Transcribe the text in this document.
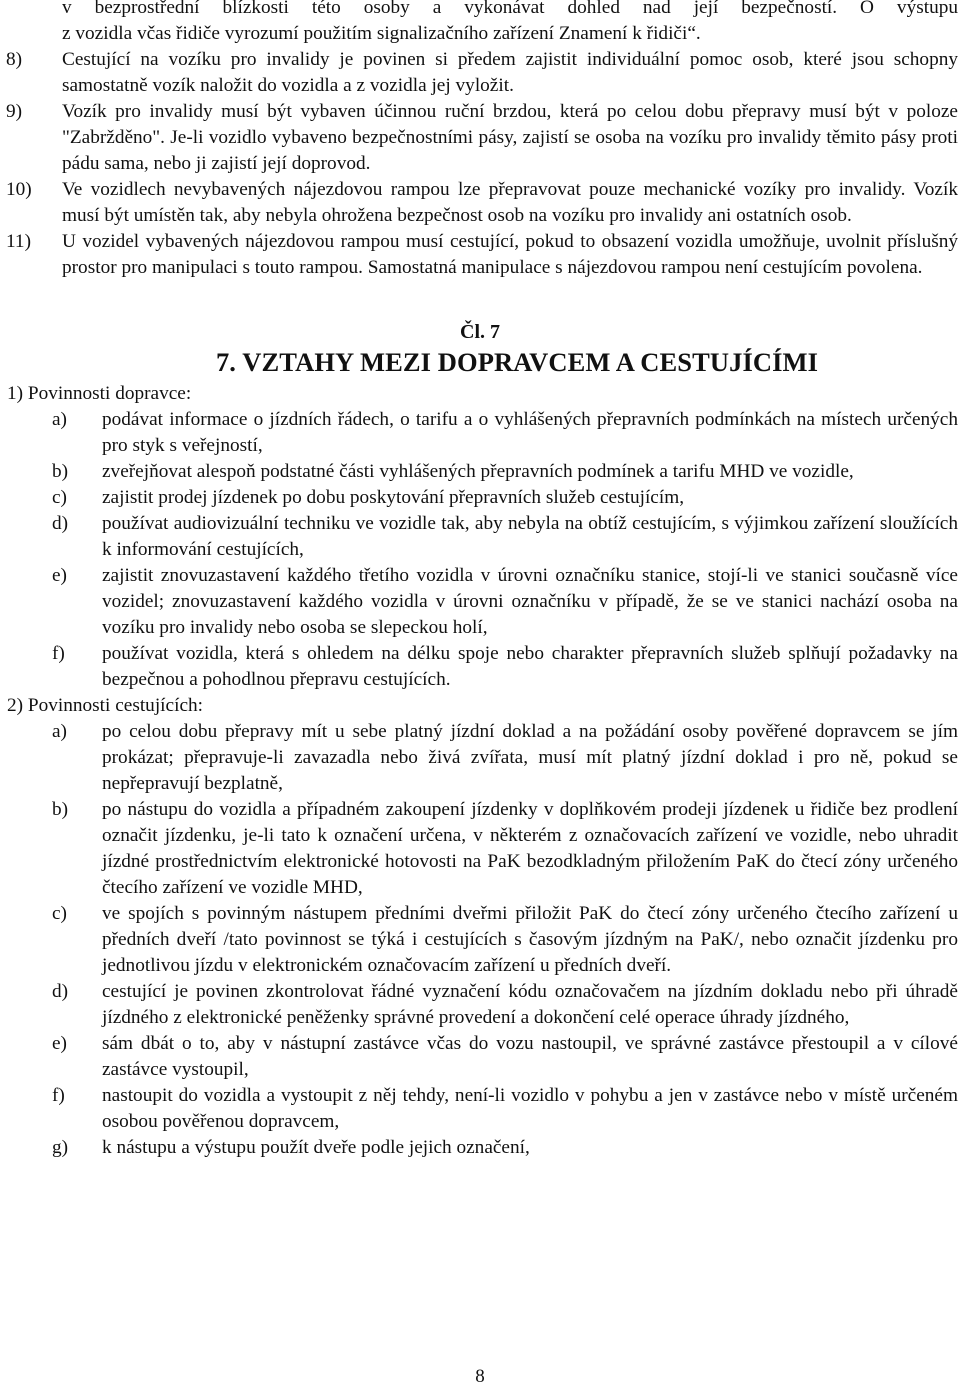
v bezprostřední blízkosti této osoby a vykonávat dohled nad její bezpečností. O výstupu

z vozidla včas řidiče vyrozumí použitím signalizačního zařízení Znamení k řidiči“.

8)	Cestující na vozíku pro invalidy je povinen si předem zajistit individuální pomoc osob, které jsou schopny samostatně vozík naložit do vozidla a z vozidla jej vyložit.
9)	Vozík pro invalidy musí být vybaven účinnou ruční brzdou, která po celou dobu přepravy musí být v poloze "Zabržděno". Je-li vozidlo vybaveno bezpečnostními pásy, zajistí se osoba na vozíku pro invalidy těmito pásy proti pádu sama, nebo ji zajistí její doprovod.
10)	Ve vozidlech nevybavených nájezdovou rampou lze přepravovat pouze mechanické vozíky pro invalidy. Vozík musí být umístěn tak, aby nebyla ohrožena bezpečnost osob na vozíku pro invalidy ani ostatních osob.
11)	U vozidel vybavených nájezdovou rampou musí cestující, pokud to obsazení vozidla umožňuje, uvolnit příslušný prostor pro manipulaci s touto rampou. Samostatná manipulace s nájezdovou rampou není cestujícím povolena.

Čl. 7

7. VZTAHY MEZI DOPRAVCEM A CESTUJÍCÍMI

1) Povinnosti dopravce:

a)	podávat informace o jízdních řádech, o tarifu a o vyhlášených přepravních podmínkách na místech určených pro styk s veřejností,
b)	zveřejňovat alespoň podstatné části vyhlášených přepravních podmínek a tarifu MHD ve vozidle,
c)	zajistit prodej jízdenek po dobu poskytování přepravních služeb cestujícím,
d)	používat audiovizuální techniku ve vozidle tak, aby nebyla na obtíž cestujícím, s výjimkou zařízení sloužících k informování cestujících,
e)	zajistit znovuzastavení každého třetího vozidla v úrovni označníku stanice, stojí-li ve stanici současně více vozidel; znovuzastavení každého vozidla v úrovni označníku v případě, že se ve stanici nachází osoba na vozíku pro invalidy nebo osoba se slepeckou holí,
f)	používat vozidla, která s ohledem na délku spoje nebo charakter přepravních služeb splňují požadavky na bezpečnou a pohodlnou přepravu cestujících.

2) Povinnosti cestujících:

a)	po celou dobu přepravy mít u sebe platný jízdní doklad a na požádání osoby pověřené dopravcem se jím prokázat; přepravuje-li zavazadla nebo živá zvířata, musí mít platný jízdní doklad i pro ně, pokud se nepřepravují bezplatně,
b)	po nástupu do vozidla a případném zakoupení jízdenky v doplňkovém prodeji jízdenek u řidiče bez prodlení označit jízdenku, je-li tato k označení určena, v některém z označovacích zařízení ve vozidle, nebo uhradit jízdné prostřednictvím elektronické hotovosti na PaK bezodkladným přiložením PaK do čtecí zóny určeného čtecího zařízení ve vozidle MHD,
c)	ve spojích s povinným nástupem předními dveřmi přiložit PaK do čtecí zóny určeného čtecího zařízení u předních dveří /tato povinnost se týká i cestujících s časovým jízdným na PaK/, nebo označit jízdenku pro jednotlivou jízdu v elektronickém označovacím zařízení u předních dveří.
d)	cestující je povinen zkontrolovat řádné vyznačení kódu označovačem na jízdním dokladu nebo při úhradě jízdného z elektronické peněženky správné provedení a dokončení celé operace úhrady jízdného,
e)	sám dbát o to, aby v nástupní zastávce včas do vozu nastoupil, ve správné zastávce přestoupil a v cílové zastávce vystoupil,
f)	nastoupit do vozidla a vystoupit z něj tehdy, není-li vozidlo v pohybu a jen v zastávce nebo v místě určeném osobou pověřenou dopravcem,
g)	k nástupu a výstupu použít dveře podle jejich označení,
8
